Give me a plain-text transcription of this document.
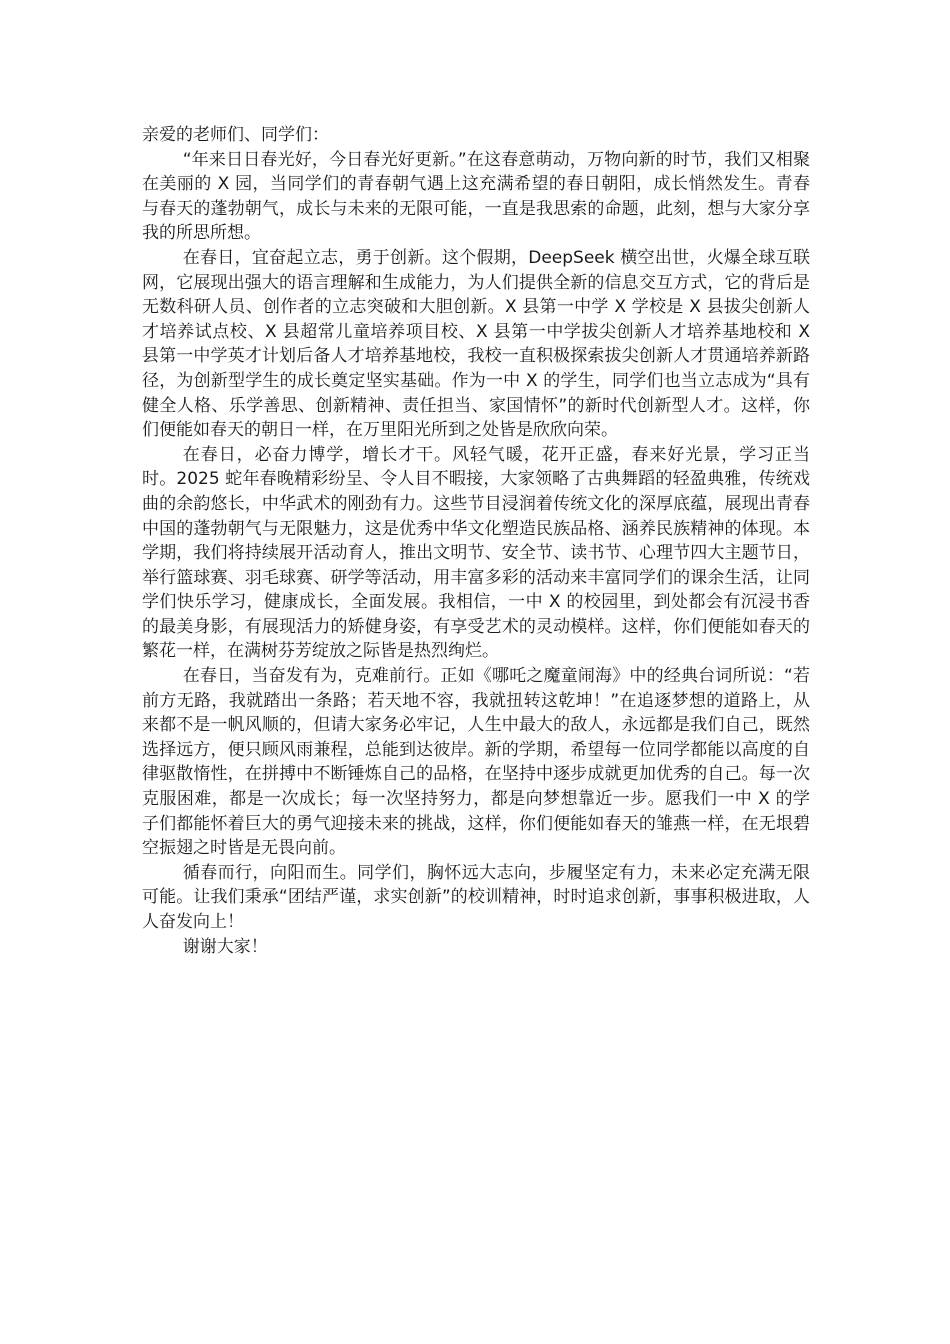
亲爱的老师们、同学们：

“年来日日春光好，今日春光好更新。”在这春意萌动，万物向新的时节，我们又相聚在美丽的 X 园，当同学们的青春朝气遇上这充满希望的春日朝阳，成长悄然发生。青春与春天的蓬勃朝气，成长与未来的无限可能，一直是我思索的命题，此刻，想与大家分享我的所思所想。

在春日，宜奋起立志，勇于创新。这个假期，DeepSeek 横空出世，火爆全球互联网，它展现出强大的语言理解和生成能力，为人们提供全新的信息交互方式，它的背后是无数科研人员、创作者的立志突破和大胆创新。X 县第一中学 X 学校是 X 县拔尖创新人才培养试点校、X 县超常儿童培养项目校、X 县第一中学拔尖创新人才培养基地校和 X 县第一中学英才计划后备人才培养基地校，我校一直积极探索拔尖创新人才贯通培养新路径，为创新型学生的成长奠定坚实基础。作为一中 X 的学生，同学们也当立志成为“具有健全人格、乐学善思、创新精神、责任担当、家国情怀”的新时代创新型人才。这样，你们便能如春天的朝日一样，在万里阳光所到之处皆是欣欣向荣。

在春日，必奋力博学，增长才干。风轻气暖，花开正盛，春来好光景，学习正当时。2025 蛇年春晚精彩纷呈、令人目不暇接，大家领略了古典舞蹈的轻盈典雅，传统戏曲的余韵悠长，中华武术的刚劲有力。这些节目浸润着传统文化的深厚底蕴，展现出青春中国的蓬勃朝气与无限魅力，这是优秀中华文化塑造民族品格、涵养民族精神的体现。本学期，我们将持续展开活动育人，推出文明节、安全节、读书节、心理节四大主题节日，举行篮球赛、羽毛球赛、研学等活动，用丰富多彩的活动来丰富同学们的课余生活，让同学们快乐学习，健康成长，全面发展。我相信，一中 X 的校园里，到处都会有沉浸书香的最美身影，有展现活力的矫健身姿，有享受艺术的灵动模样。这样，你们便能如春天的繁花一样，在满树芬芳绽放之际皆是热烈绚烂。

在春日，当奋发有为，克难前行。正如《哪吒之魔童闹海》中的经典台词所说：“若前方无路，我就踏出一条路；若天地不容，我就扭转这乾坤！”在追逐梦想的道路上，从来都不是一帆风顺的，但请大家务必牢记，人生中最大的敌人，永远都是我们自己，既然选择远方，便只顾风雨兼程，总能到达彼岸。新的学期，希望每一位同学都能以高度的自律驱散惰性，在拼搏中不断锤炼自己的品格，在坚持中逐步成就更加优秀的自己。每一次克服困难，都是一次成长；每一次坚持努力，都是向梦想靠近一步。愿我们一中 X 的学子们都能怀着巨大的勇气迎接未来的挑战，这样，你们便能如春天的雏燕一样，在无垠碧空振翅之时皆是无畏向前。

循春而行，向阳而生。同学们，胸怀远大志向，步履坚定有力，未来必定充满无限可能。让我们秉承“团结严谨，求实创新”的校训精神，时时追求创新，事事积极进取，人人奋发向上！

谢谢大家！
